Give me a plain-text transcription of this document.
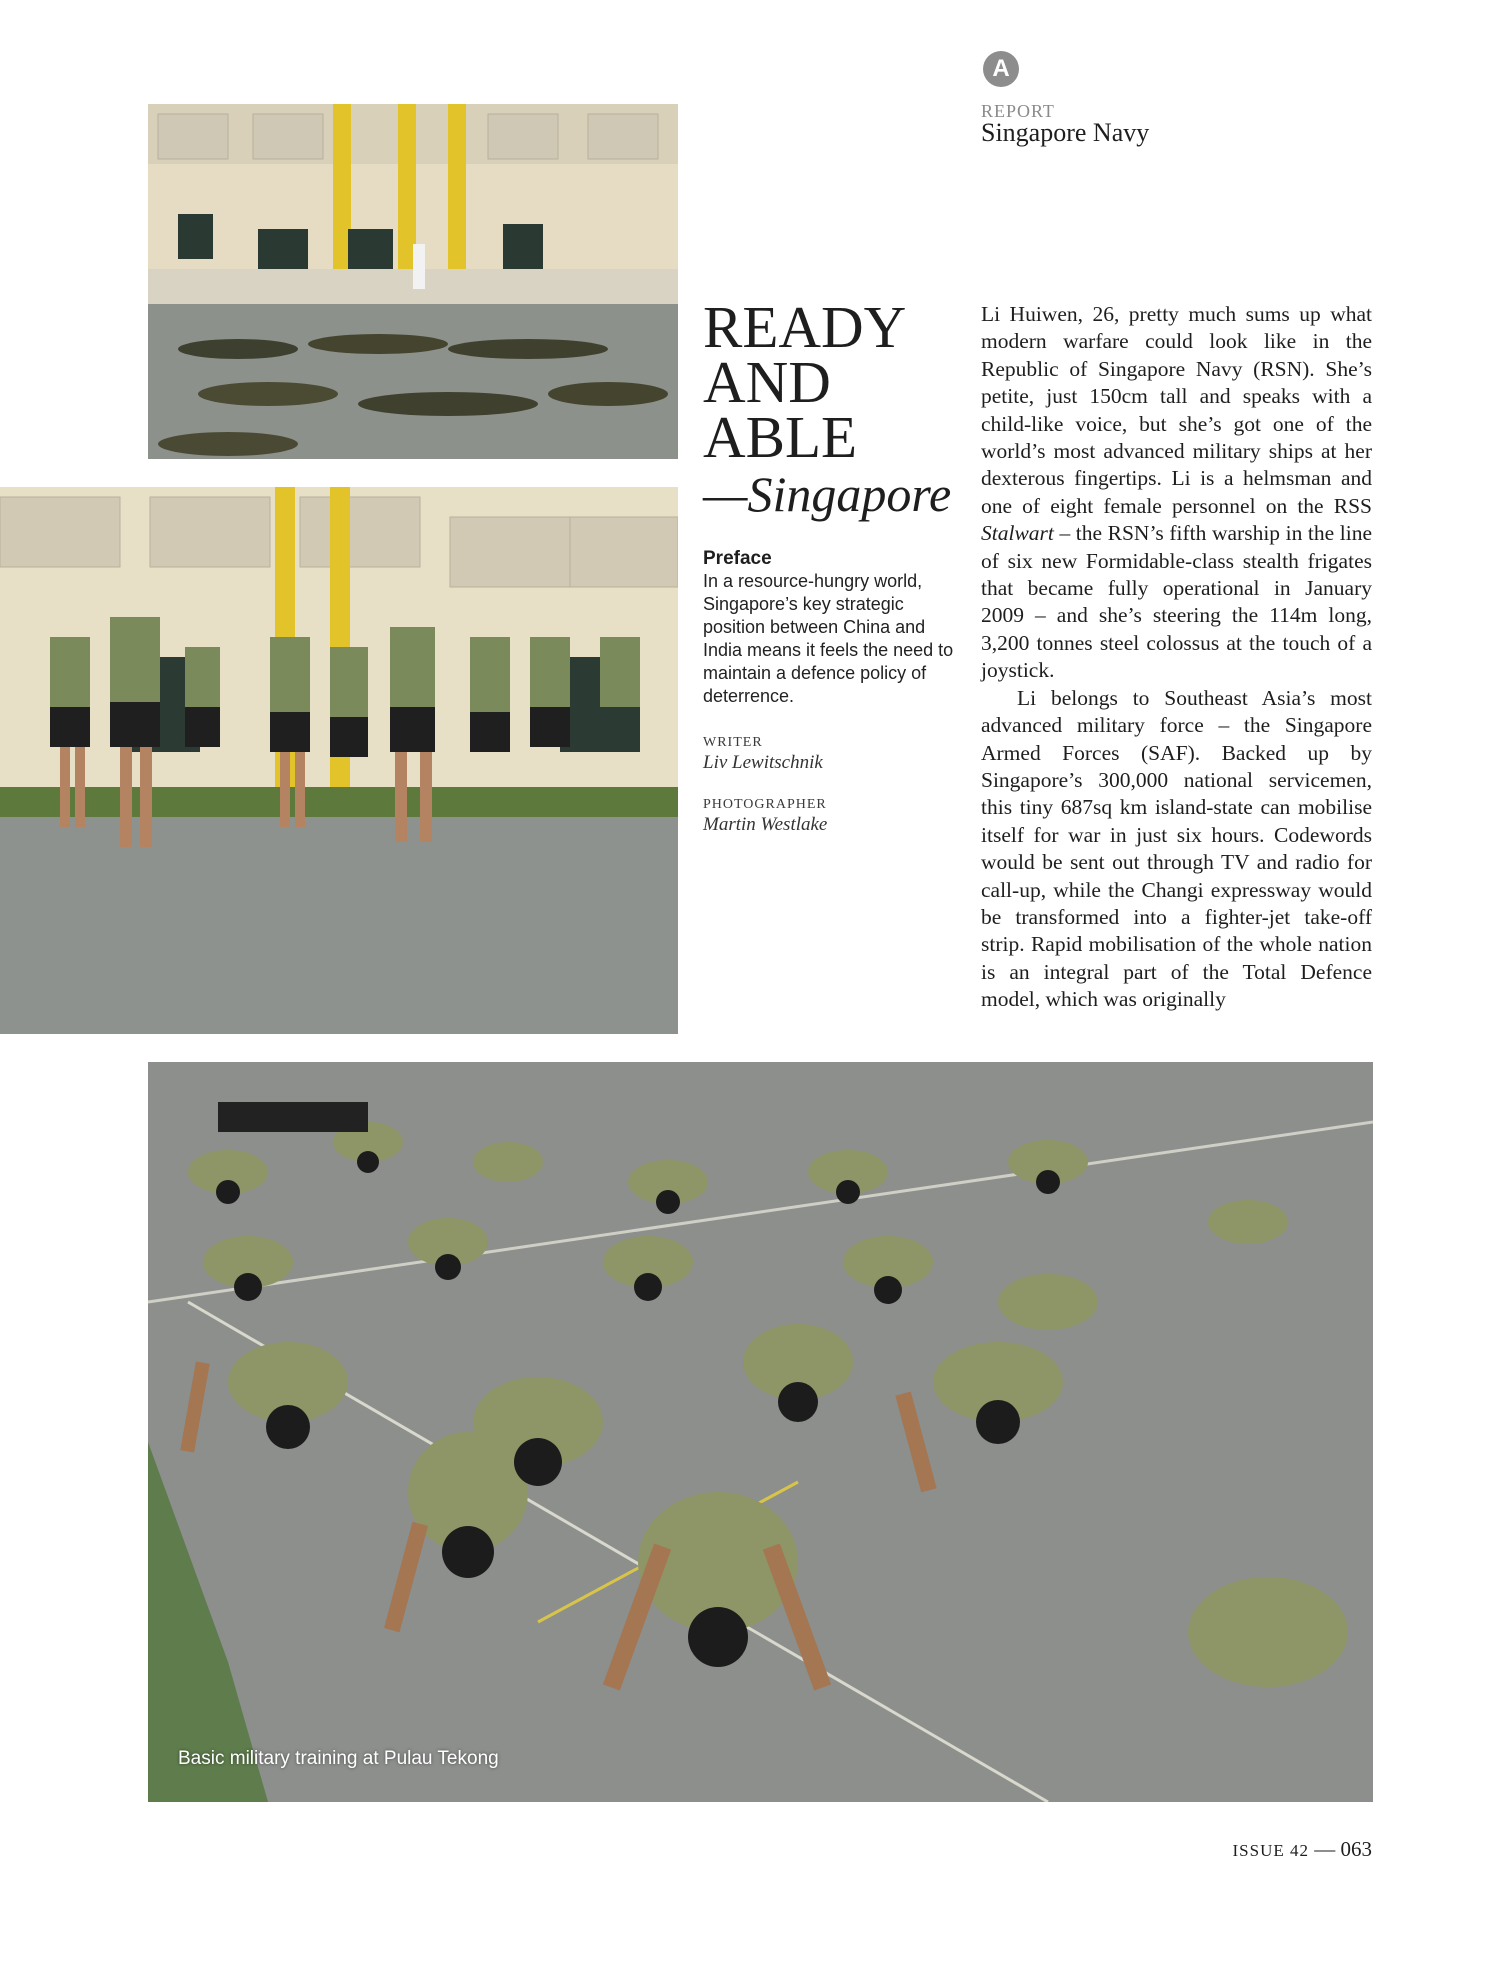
Basic military training at Pulau Tekong
A
REPORT
Singapore Navy
READY
AND
ABLE
—Singapore
Preface
In a resource-hungry world, Singapore’s key strategic position between China and India means it feels the need to maintain a defence policy of deterrence.
WRITER
Liv Lewitschnik
PHOTOGRAPHER
Martin Westlake

Li Huiwen, 26, pretty much sums up what modern warfare could look like in the Republic of Singapore Navy (RSN). She’s petite, just 150cm tall and speaks with a child-like voice, but she’s got one of the world’s most advanced military ships at her dexterous fingertips. Li is a helmsman and one of eight female personnel on the RSS Stalwart – the RSN’s fifth warship in the line of six new Formidable-class stealth frigates that became fully operational in January 2009 – and she’s steering the 114m long, 3,200 tonnes steel colossus at the touch of a joystick.

Li belongs to Southeast Asia’s most advanced military force – the Singapore Armed Forces (SAF). Backed up by Singapore’s 300,000 national servicemen, this tiny 687sq km island-state can mobilise itself for war in just six hours. Codewords would be sent out through TV and radio for call-up, while the Changi expressway would be transformed into a fighter-jet take-off strip. Rapid mobilisation of the whole nation is an integral part of the Total Defence model, which was originally

ISSUE 42 — 063
